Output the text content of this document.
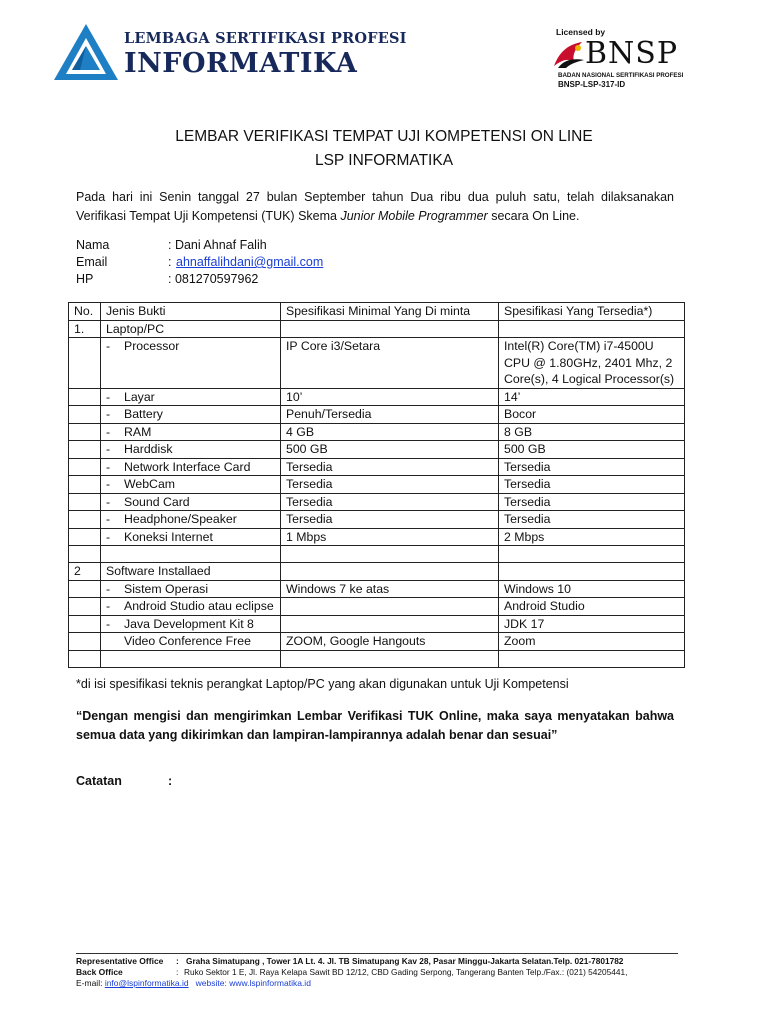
LEMBAGA SERTIFIKASI PROFESI
INFORMATIKA
Licensed by
BNSP
BADAN NASIONAL SERTIFIKASI PROFESI
BNSP-LSP-317-ID
LEMBAR VERIFIKASI TEMPAT UJI KOMPETENSI ON LINE
LSP INFORMATIKA
Pada hari ini Senin tanggal 27 bulan September tahun Dua ribu dua puluh satu, telah dilaksanakan Verifikasi Tempat Uji Kompetensi (TUK) Skema Junior Mobile Programmer secara On Line.
Nama	: Dani Ahnaf Falih
Email	: ahnaffalihdani@gmail.com
HP	: 081270597962
No.	Jenis Bukti	Spesifikasi Minimal Yang Di minta	Spesifikasi Yang Tersedia*)
1.	Laptop/PC		

	- Processor	IP Core i3/Setara	Intel(R) Core(TM) i7-4500U CPU @ 1.80GHz, 2401 Mhz, 2 Core(s), 4 Logical Processor(s)

	- Layar	10’	14’

	- Battery	Penuh/Tersedia	Bocor

	- RAM	4 GB	8 GB

	- Harddisk	500 GB	500 GB

	- Network Interface Card	Tersedia	Tersedia

	- WebCam	Tersedia	Tersedia

	- Sound Card	Tersedia	Tersedia

	- Headphone/Speaker	Tersedia	Tersedia

	- Koneksi Internet	1 Mbps	2 Mbps

2	Software Installaed		

	- Sistem Operasi	Windows 7 ke atas	Windows 10

	- Android Studio atau eclipse		Android Studio

	- Java Development Kit 8		JDK 17

	Video Conference Free	ZOOM, Google Hangouts	Zoom

*di isi spesifikasi teknis perangkat Laptop/PC yang akan digunakan untuk Uji Kompetensi
“Dengan mengisi dan mengirimkan Lembar Verifikasi TUK Online, maka saya menyatakan bahwa semua data yang dikirimkan dan lampiran-lampirannya adalah benar dan sesuai”
Catatan	:
Representative Office : Graha Simatupang , Tower 1A Lt. 4. Jl. TB Simatupang Kav 28, Pasar Minggu-Jakarta Selatan.Telp. 021-7801782
Back Office	: Ruko Sektor 1 E, Jl. Raya Kelapa Sawit BD 12/12, CBD Gading Serpong, Tangerang Banten Telp./Fax.: (021) 54205441,
E-mail: info@lspinformatika.id website: www.lspinformatika.id
